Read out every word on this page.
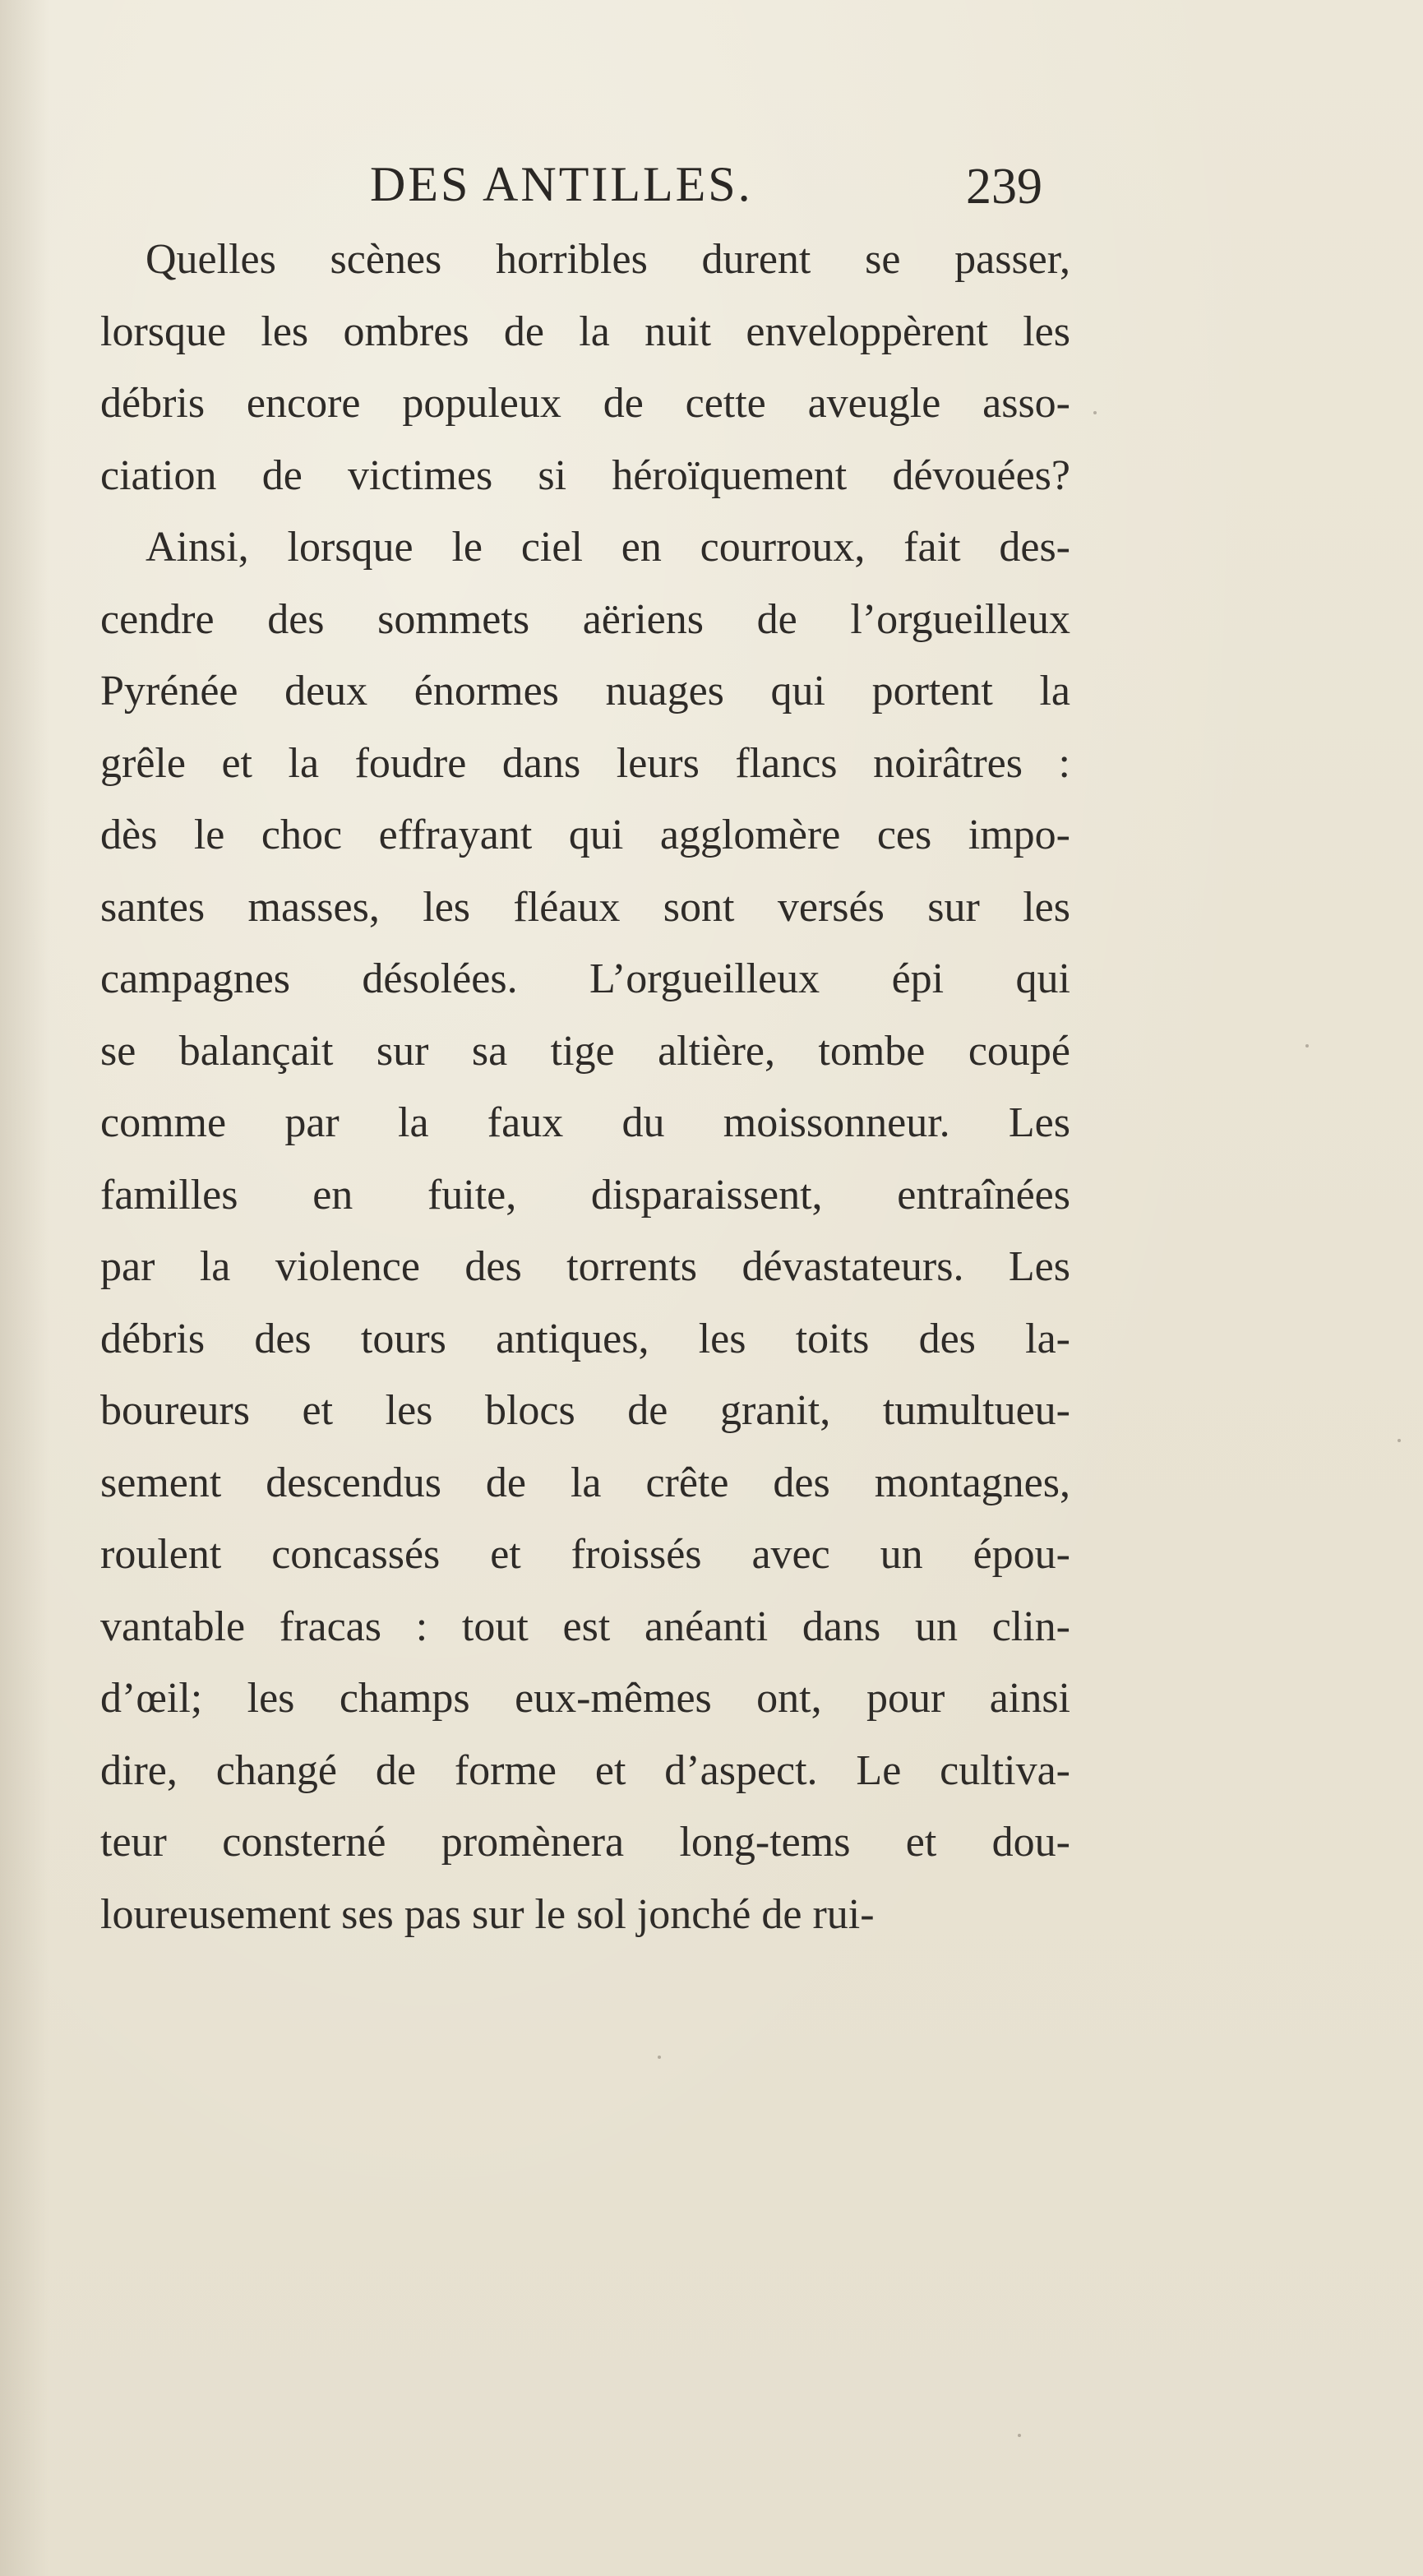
DES ANTILLES.	239
Quelles scènes horribles durent se passer,
lorsque les ombres de la nuit enveloppèrent les
débris encore populeux de cette aveugle asso-
ciation de victimes si héroïquement dévouées?
Ainsi, lorsque le ciel en courroux, fait des-
cendre des sommets aëriens de l’orgueilleux
Pyrénée deux énormes nuages qui portent la
grêle et la foudre dans leurs flancs noirâtres :
dès le choc effrayant qui agglomère ces impo-
santes masses, les fléaux sont versés sur les
campagnes désolées. L’orgueilleux épi qui
se balançait sur sa tige altière, tombe coupé
comme par la faux du moissonneur. Les
familles en fuite, disparaissent, entraînées
par la violence des torrents dévastateurs. Les
débris des tours antiques, les toits des la-
boureurs et les blocs de granit, tumultueu-
sement descendus de la crête des montagnes,
roulent concassés et froissés avec un épou-
vantable fracas : tout est anéanti dans un clin-
d’œil; les champs eux-mêmes ont, pour ainsi
dire, changé de forme et d’aspect. Le cultiva-
teur consterné promènera long-tems et dou-
loureusement ses pas sur le sol jonché de rui-
